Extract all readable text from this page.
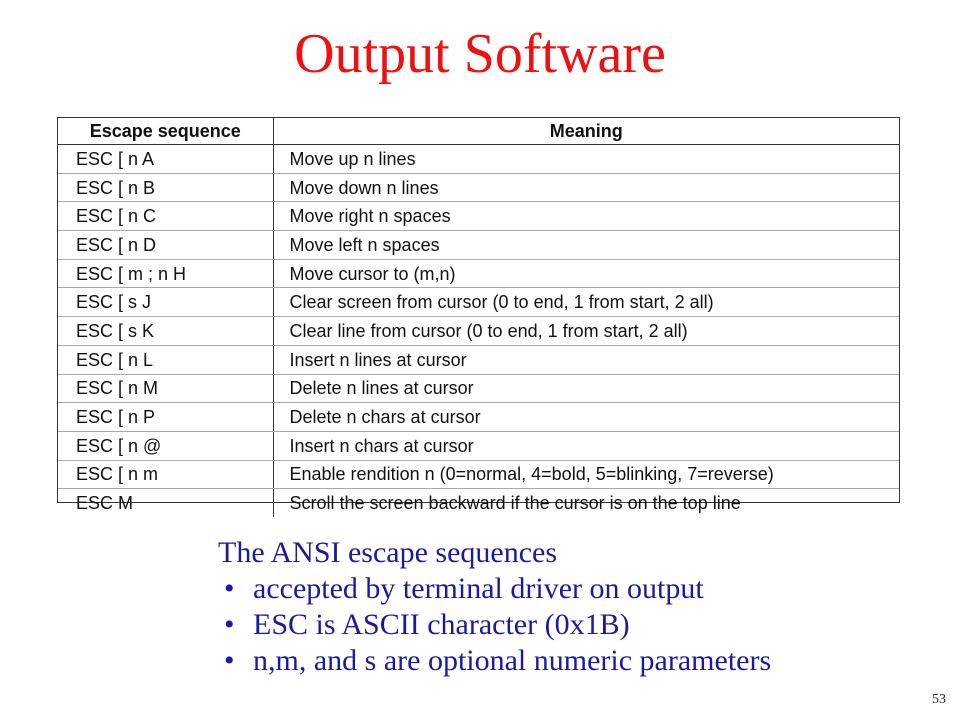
Output Software
Escape sequence	Meaning
ESC [ n A	Move up n lines
ESC [ n B	Move down n lines
ESC [ n C	Move right n spaces
ESC [ n D	Move left n spaces
ESC [ m ; n H	Move cursor to (m,n)
ESC [ s J	Clear screen from cursor (0 to end, 1 from start, 2 all)
ESC [ s K	Clear line from cursor (0 to end, 1 from start, 2 all)
ESC [ n L	Insert n lines at cursor
ESC [ n M	Delete n lines at cursor
ESC [ n P	Delete n chars at cursor
ESC [ n @	Insert n chars at cursor
ESC [ n m	Enable rendition n (0=normal, 4=bold, 5=blinking, 7=reverse)
ESC M	Scroll the screen backward if the cursor is on the top line
The ANSI escape sequences
• accepted by terminal driver on output
• ESC is ASCII character (0x1B)
• n,m, and s are optional numeric parameters
53
